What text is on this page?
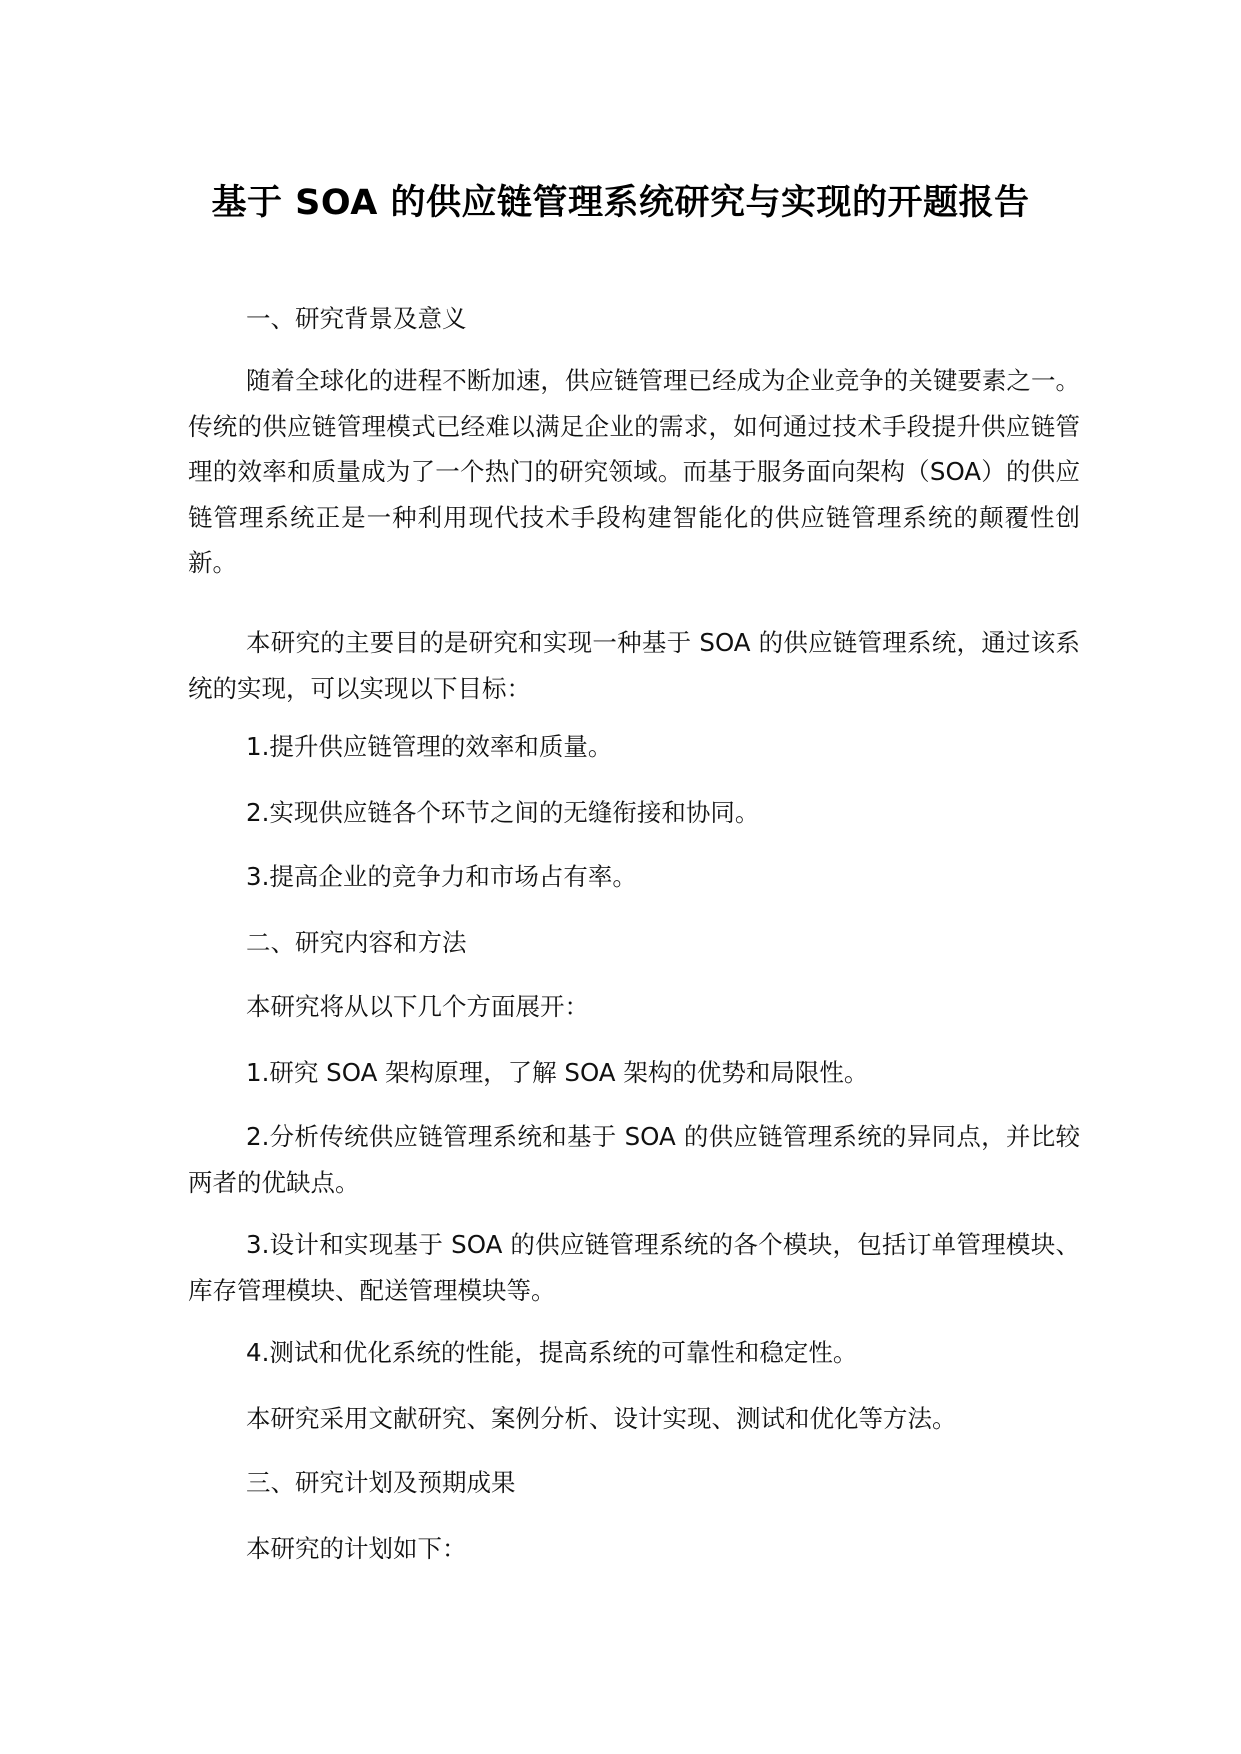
基于 SOA 的供应链管理系统研究与实现的开题报告

一、研究背景及意义

随着全球化的进程不断加速，供应链管理已经成为企业竞争的关键要素之一。传统的供应链管理模式已经难以满足企业的需求，如何通过技术手段提升供应链管理的效率和质量成为了一个热门的研究领域。而基于服务面向架构（SOA）的供应链管理系统正是一种利用现代技术手段构建智能化的供应链管理系统的颠覆性创新。

本研究的主要目的是研究和实现一种基于 SOA 的供应链管理系统，通过该系统的实现，可以实现以下目标：

1.提升供应链管理的效率和质量。

2.实现供应链各个环节之间的无缝衔接和协同。

3.提高企业的竞争力和市场占有率。

二、研究内容和方法

本研究将从以下几个方面展开：

1.研究 SOA 架构原理，了解 SOA 架构的优势和局限性。

2.分析传统供应链管理系统和基于 SOA 的供应链管理系统的异同点，并比较两者的优缺点。

3.设计和实现基于 SOA 的供应链管理系统的各个模块，包括订单管理模块、库存管理模块、配送管理模块等。

4.测试和优化系统的性能，提高系统的可靠性和稳定性。

本研究采用文献研究、案例分析、设计实现、测试和优化等方法。

三、研究计划及预期成果

本研究的计划如下：
